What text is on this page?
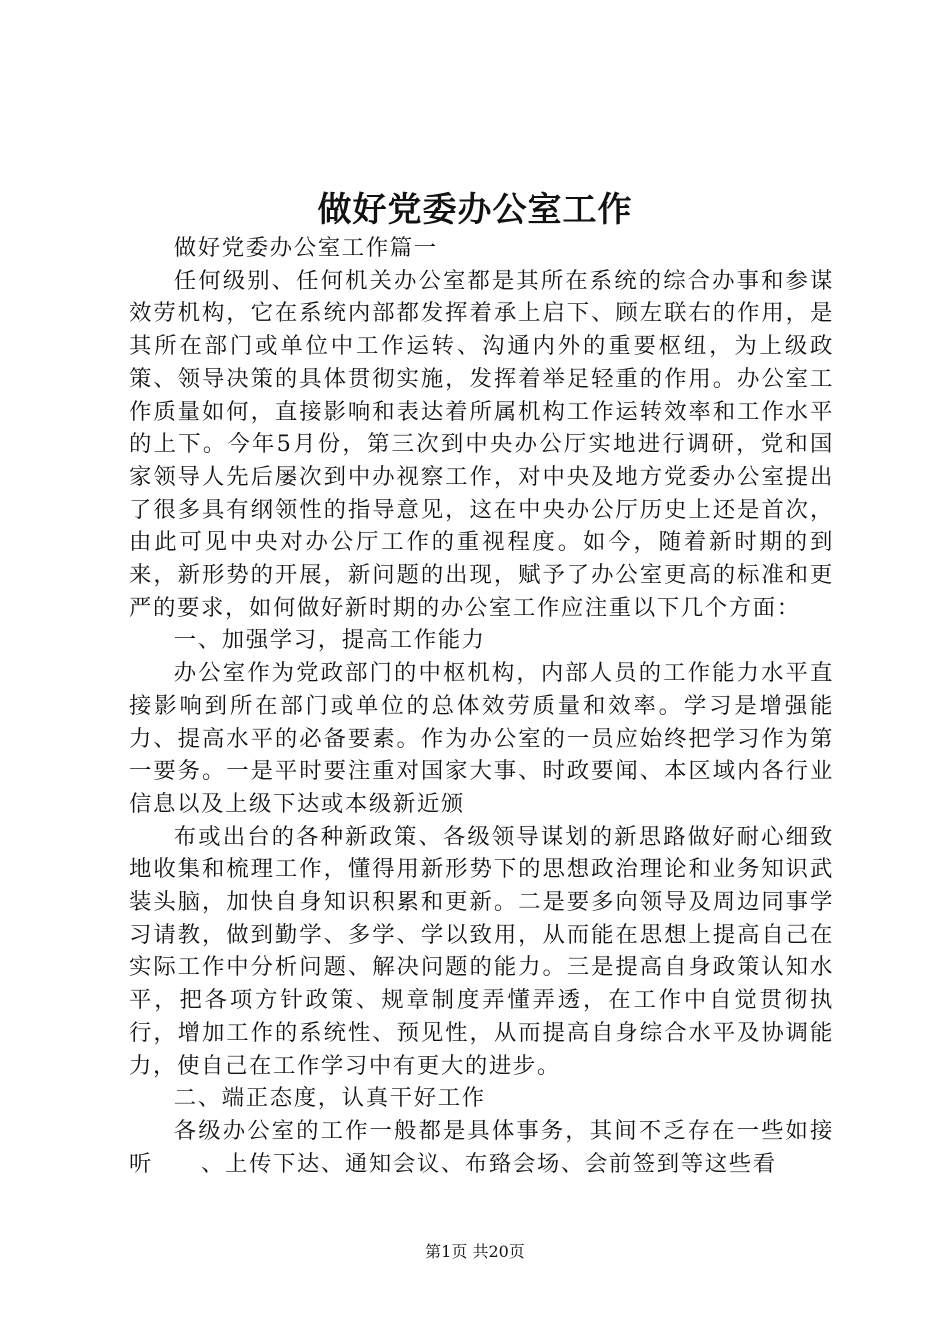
做好党委办公室工作

做好党委办公室工作篇一

任何级别、任何机关办公室都是其所在系统的综合办事和参谋效劳机构，它在系统内部都发挥着承上启下、顾左联右的作用，是其所在部门或单位中工作运转、沟通内外的重要枢纽，为上级政策、领导决策的具体贯彻实施，发挥着举足轻重的作用。办公室工作质量如何，直接影响和表达着所属机构工作运转效率和工作水平的上下。今年5月份，第三次到中央办公厅实地进行调研，党和国家领导人先后屡次到中办视察工作，对中央及地方党委办公室提出了很多具有纲领性的指导意见，这在中央办公厅历史上还是首次，由此可见中央对办公厅工作的重视程度。如今，随着新时期的到来，新形势的开展，新问题的出现，赋予了办公室更高的标准和更严的要求，如何做好新时期的办公室工作应注重以下几个方面：

一、加强学习，提高工作能力

办公室作为党政部门的中枢机构，内部人员的工作能力水平直接影响到所在部门或单位的总体效劳质量和效率。学习是增强能力、提高水平的必备要素。作为办公室的一员应始终把学习作为第一要务。一是平时要注重对国家大事、时政要闻、本区域内各行业信息以及上级下达或本级新近颁

布或出台的各种新政策、各级领导谋划的新思路做好耐心细致地收集和梳理工作，懂得用新形势下的思想政治理论和业务知识武装头脑，加快自身知识积累和更新。二是要多向领导及周边同事学习请教，做到勤学、多学、学以致用，从而能在思想上提高自己在实际工作中分析问题、解决问题的能力。三是提高自身政策认知水平，把各项方针政策、规章制度弄懂弄透，在工作中自觉贯彻执行，增加工作的系统性、预见性，从而提高自身综合水平及协调能力，使自己在工作学习中有更大的进步。

二、端正态度，认真干好工作

各级办公室的工作一般都是具体事务，其间不乏存在一些如接听　　、上传下达、通知会议、布臵会场、会前签到等这些看

第1页 共20页
